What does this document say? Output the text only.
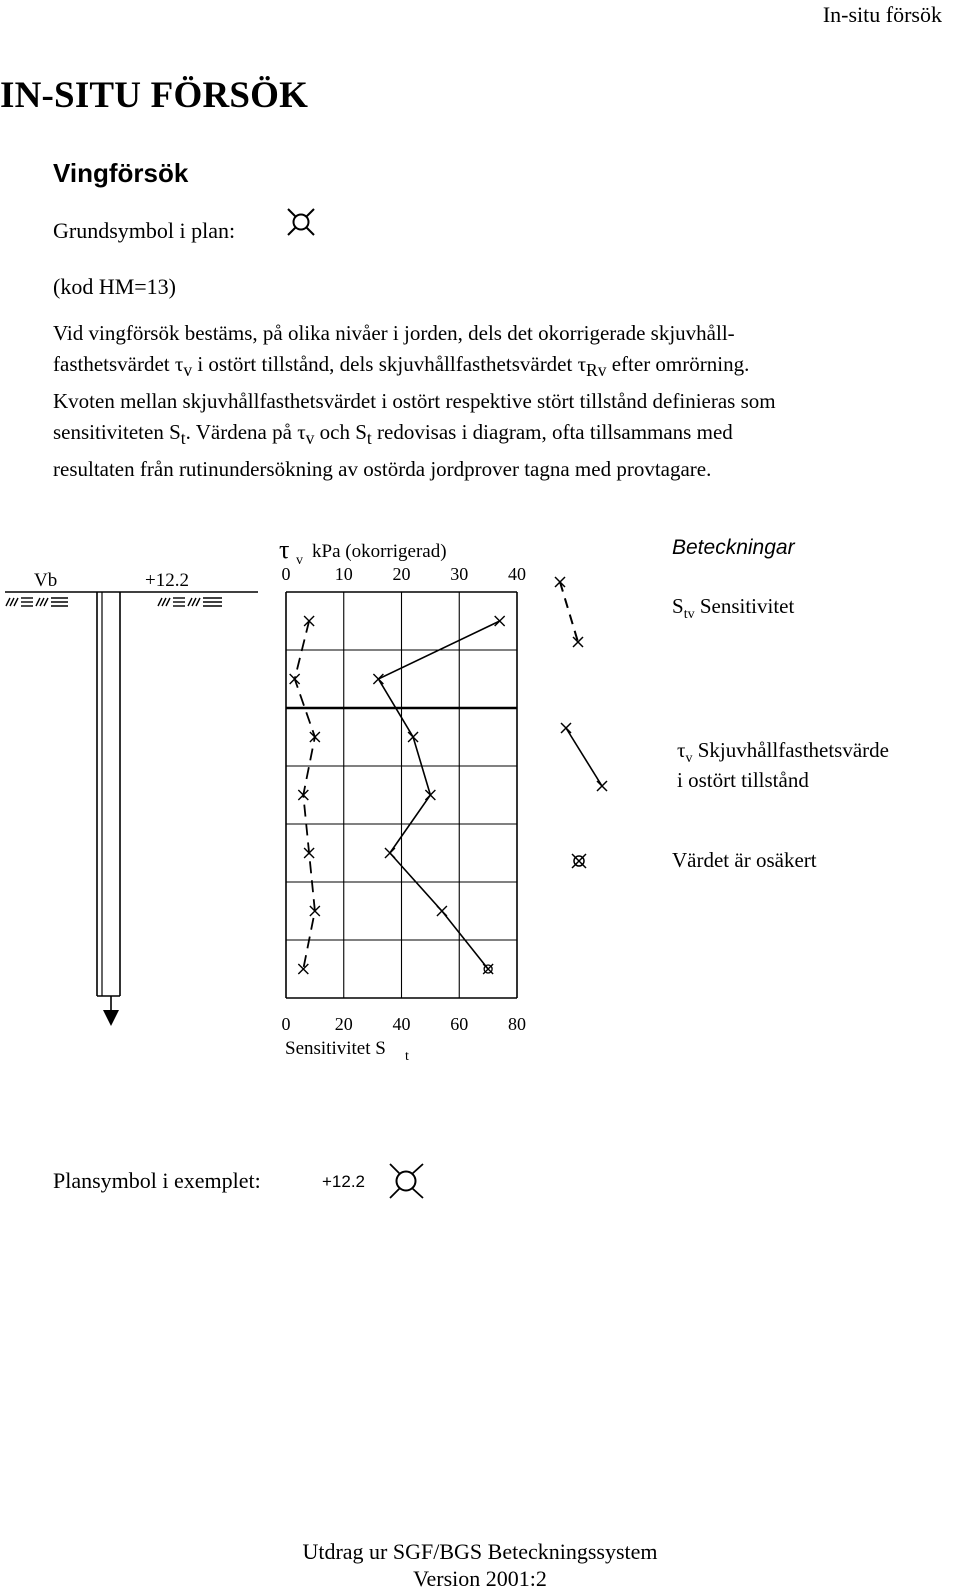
In-situ försök
IN-SITU FÖRSÖK
Vingförsök
Grundsymbol i plan:
(kod HM=13)
Vid vingförsök bestäms, på olika nivåer i jorden, dels det okorrigerade skjuvhåll-
fasthetsvärdet $\tau_v$ i ostört tillstånd, dels skjuvhållfasthetsvärdet $\tau_{Rv}$ efter omrörning.
Kvoten mellan skjuvhållfasthetsvärdet i ostört respektive stört tillstånd definieras som
sensitiviteten $S_t$. Värdena på $\tau_v$ och $S_t$ redovisas i diagram, ofta tillsammans med
resultaten från rutinundersökning av ostörda jordprover tagna med provtagare.
Vb	+12.2
τ v kPa (okorrigerad)
0 10 20 30 40
0 20 40 60 80
Sensitivitet S t
Beteckningar
$S_{tv}$ Sensitivitet
$\tau_v$ Skjuvhållfasthetsvärde
i ostört tillstånd
Värdet är osäkert
Plansymbol i exemplet:	+12.2
Utdrag ur SGF/BGS Beteckningssystem
Version 2001:2
